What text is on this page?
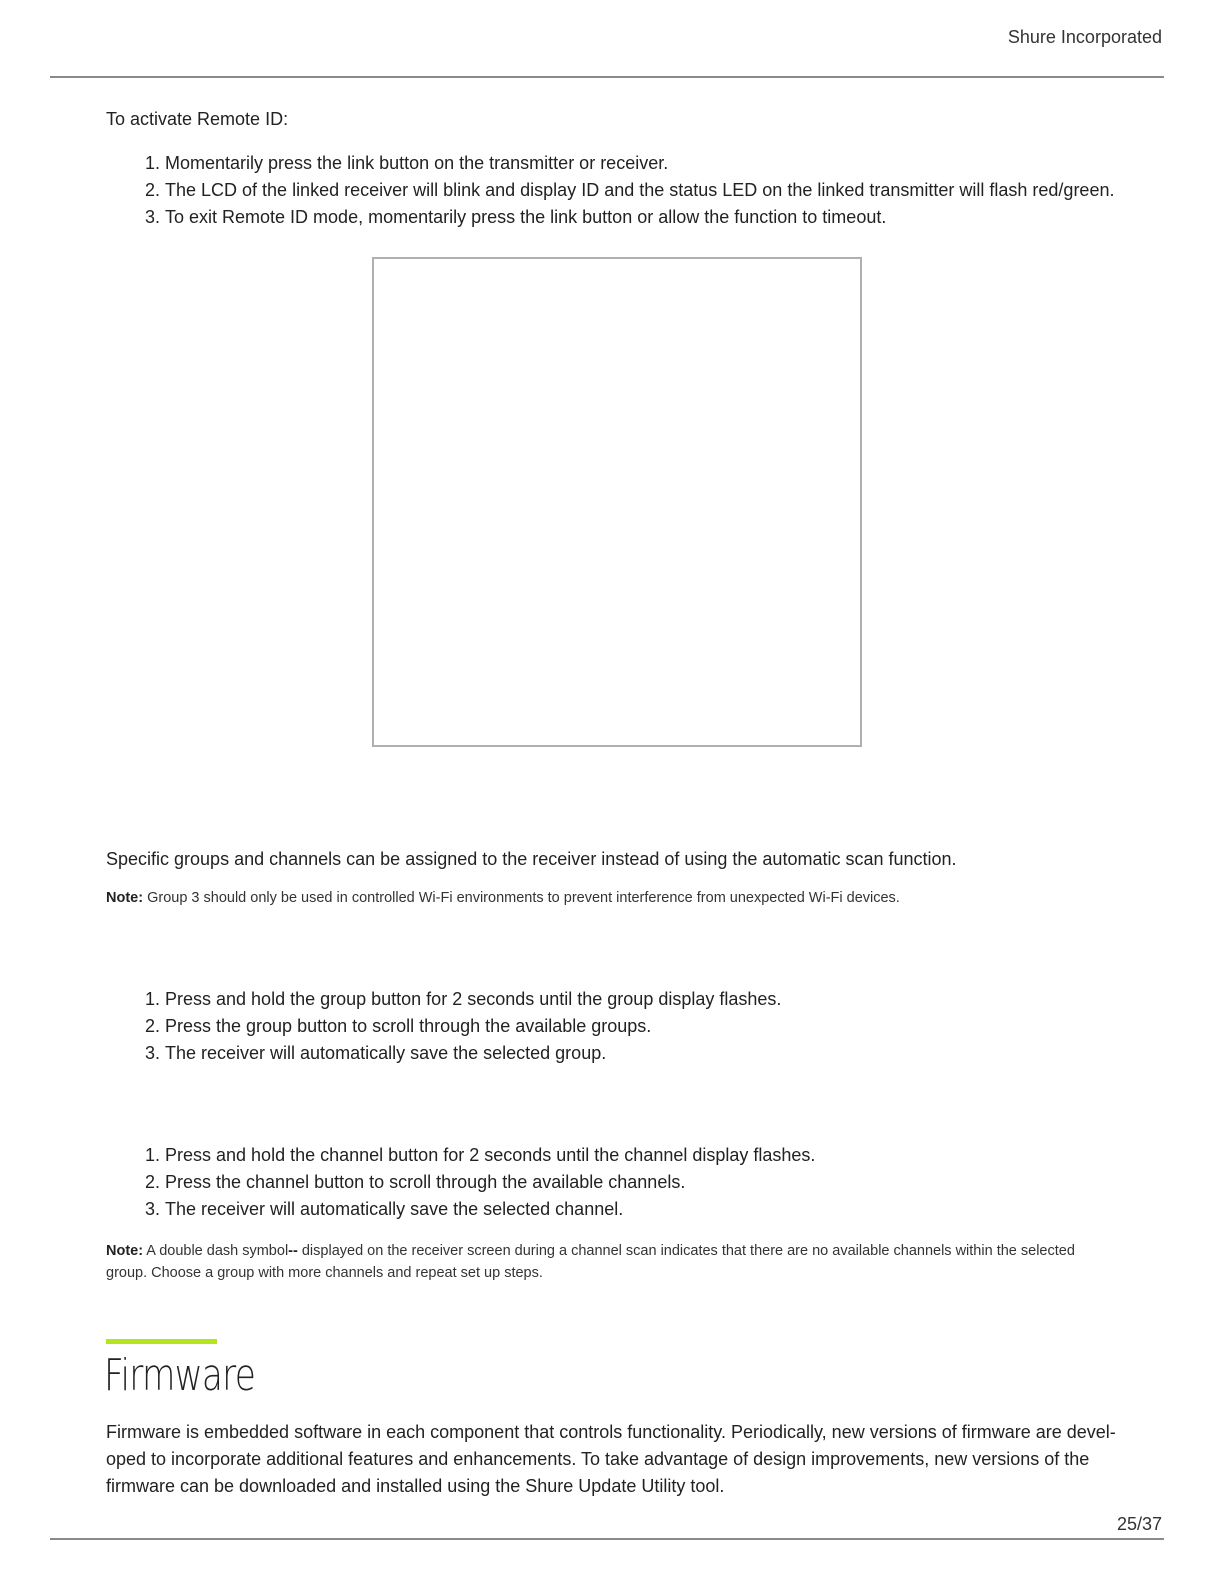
Shure Incorporated
To activate Remote ID:
1. Momentarily press the link button on the transmitter or receiver.
2. The LCD of the linked receiver will blink and display ID and the status LED on the linked transmitter will flash red/green.
3. To exit Remote ID mode, momentarily press the link button or allow the function to timeout.
Specific groups and channels can be assigned to the receiver instead of using the automatic scan function.
Note: Group 3 should only be used in controlled Wi-Fi environments to prevent interference from unexpected Wi-Fi devices.
1. Press and hold the group button for 2 seconds until the group display flashes.
2. Press the group button to scroll through the available groups.
3. The receiver will automatically save the selected group.
1. Press and hold the channel button for 2 seconds until the channel display flashes.
2. Press the channel button to scroll through the available channels.
3. The receiver will automatically save the selected channel.
Note: A double dash symbol-- displayed on the receiver screen during a channel scan indicates that there are no available channels within the selected group. Choose a group with more channels and repeat set up steps.
Firmware
Firmware is embedded software in each component that controls functionality. Periodically, new versions of firmware are developed to incorporate additional features and enhancements. To take advantage of design improvements, new versions of the firmware can be downloaded and installed using the Shure Update Utility tool.
25/37
